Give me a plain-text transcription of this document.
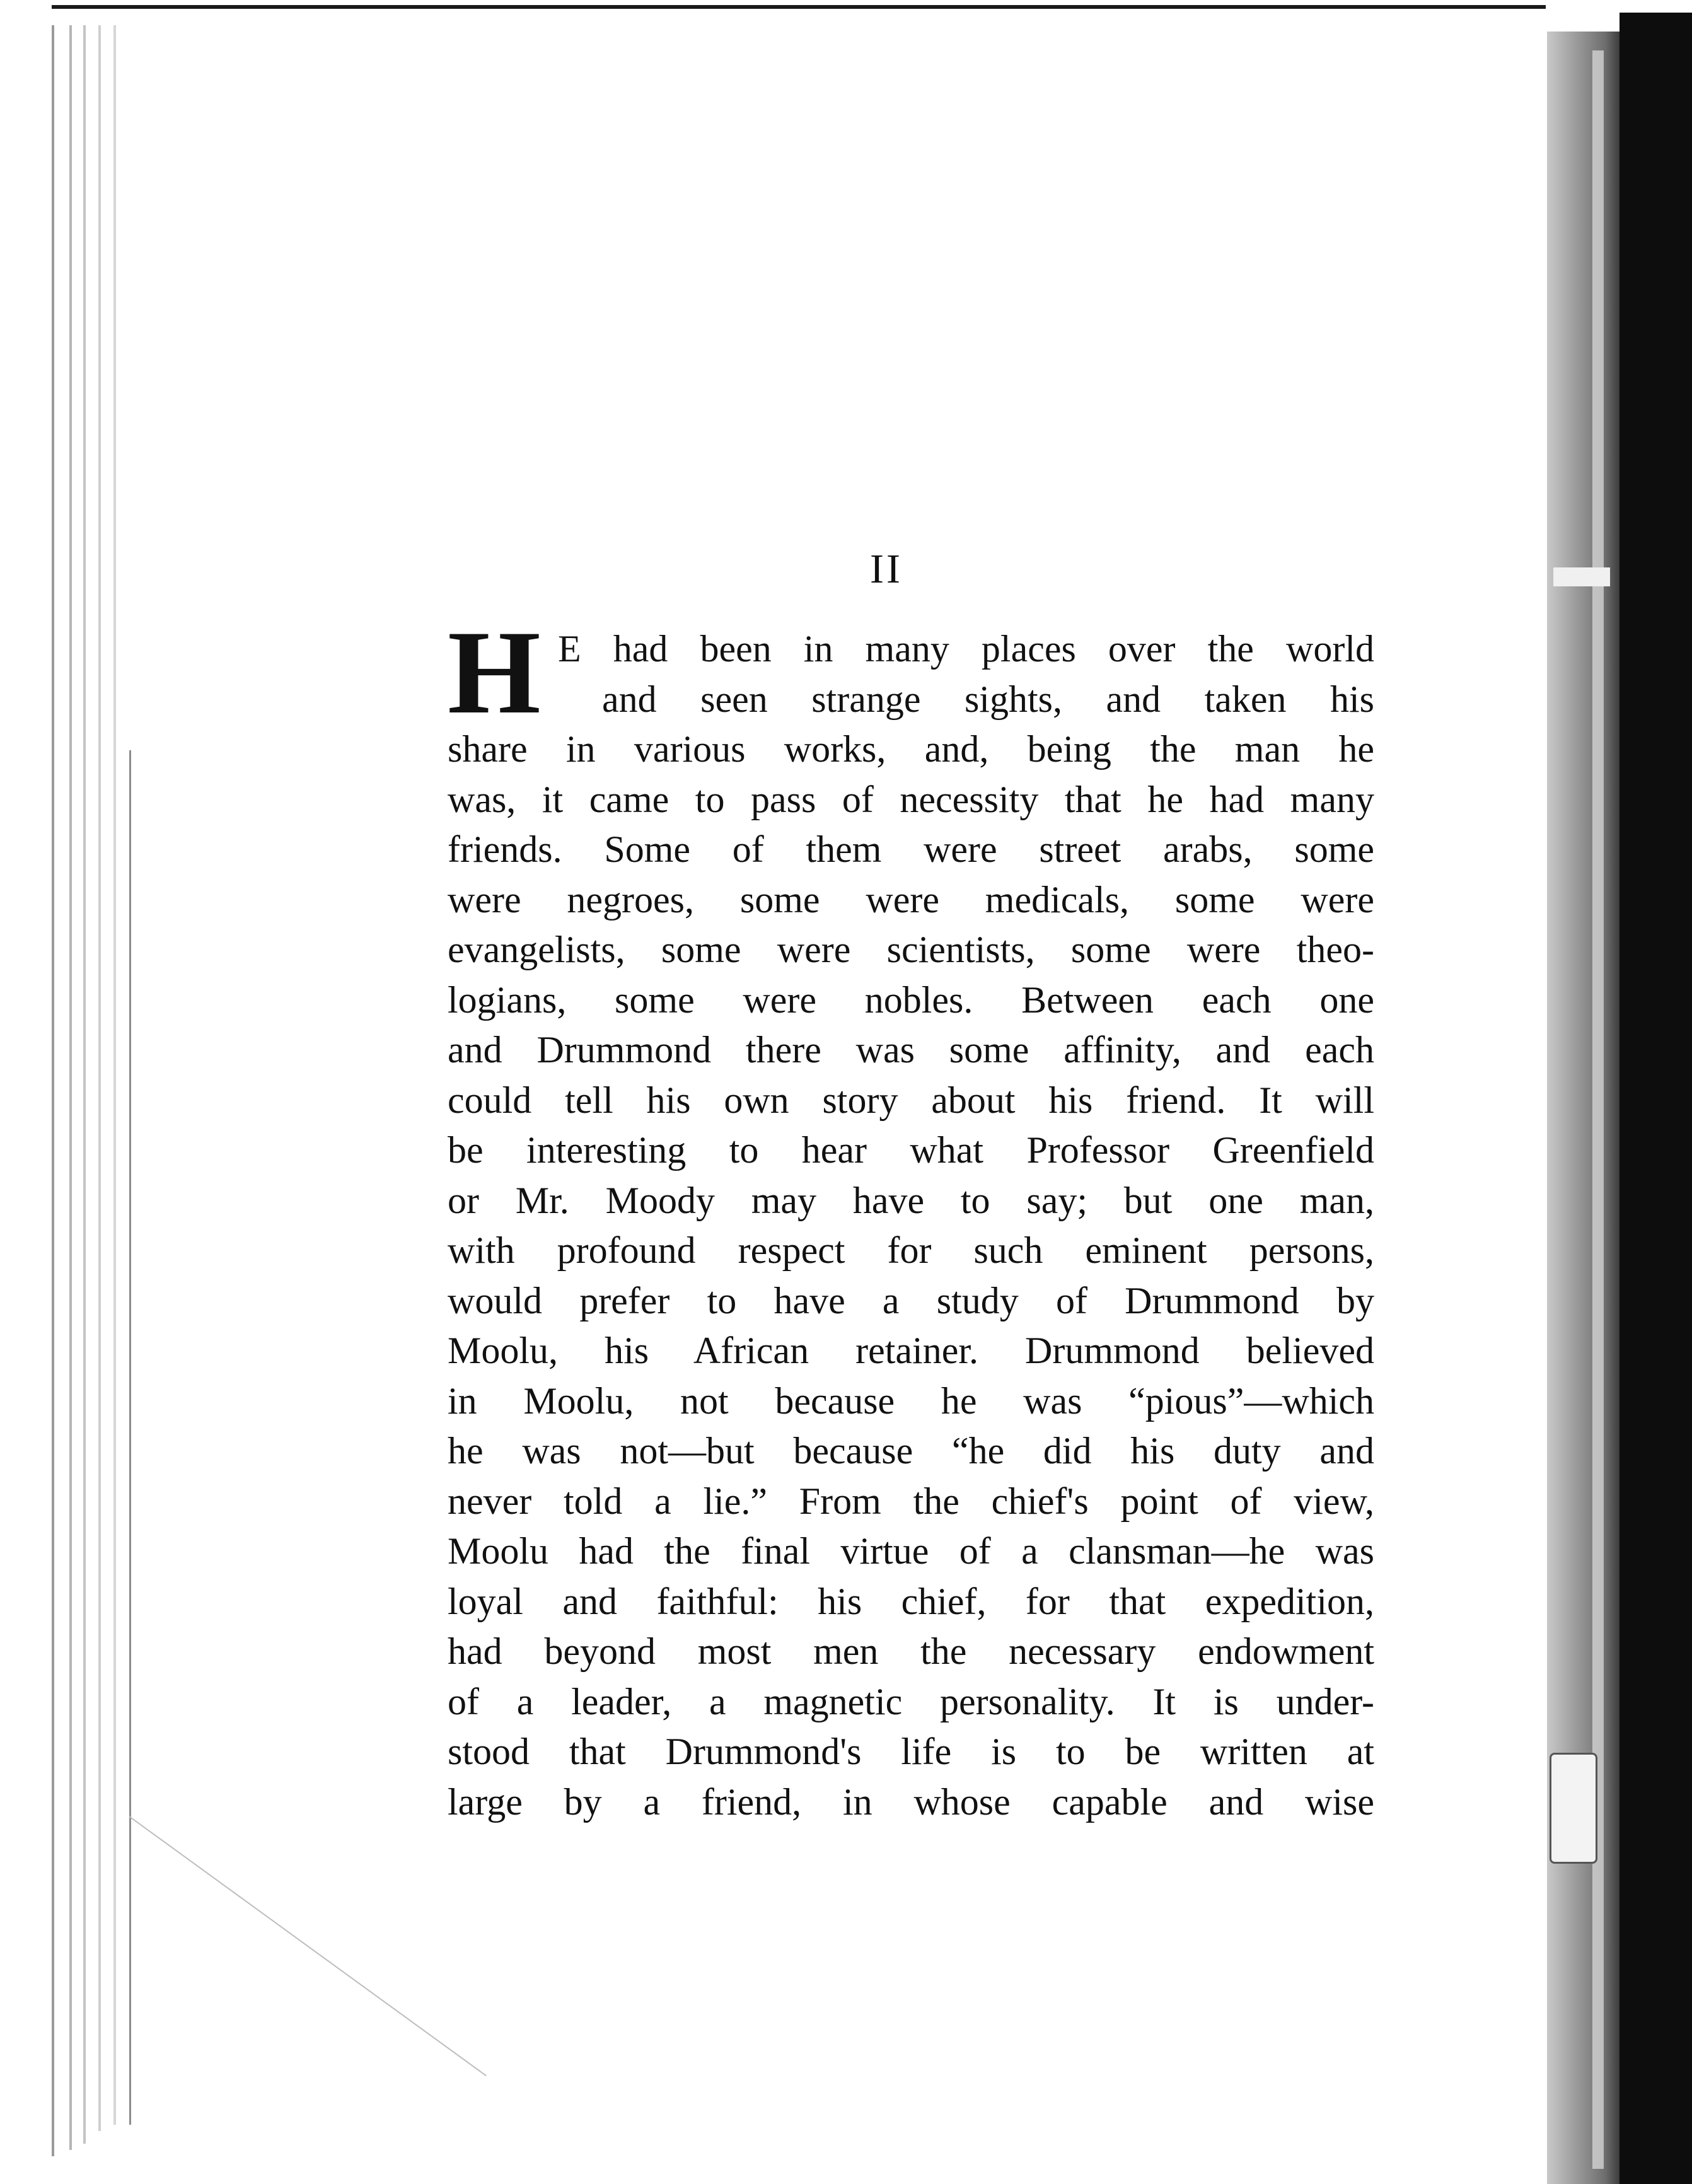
II
H E had been in many places over the world
and seen strange sights, and taken his
share in various works, and, being the man he
was, it came to pass of necessity that he had many
friends. Some of them were street arabs, some
were negroes, some were medicals, some were
evangelists, some were scientists, some were theo-
logians, some were nobles. Between each one
and Drummond there was some affinity, and each
could tell his own story about his friend. It will
be interesting to hear what Professor Greenfield
or Mr. Moody may have to say; but one man,
with profound respect for such eminent persons,
would prefer to have a study of Drummond by
Moolu, his African retainer. Drummond believed
in Moolu, not because he was “pious”—which
he was not—but because “he did his duty and
never told a lie.” From the chief's point of view,
Moolu had the final virtue of a clansman—he was
loyal and faithful: his chief, for that expedition,
had beyond most men the necessary endowment
of a leader, a magnetic personality. It is under-
stood that Drummond's life is to be written at
large by a friend, in whose capable and wise
